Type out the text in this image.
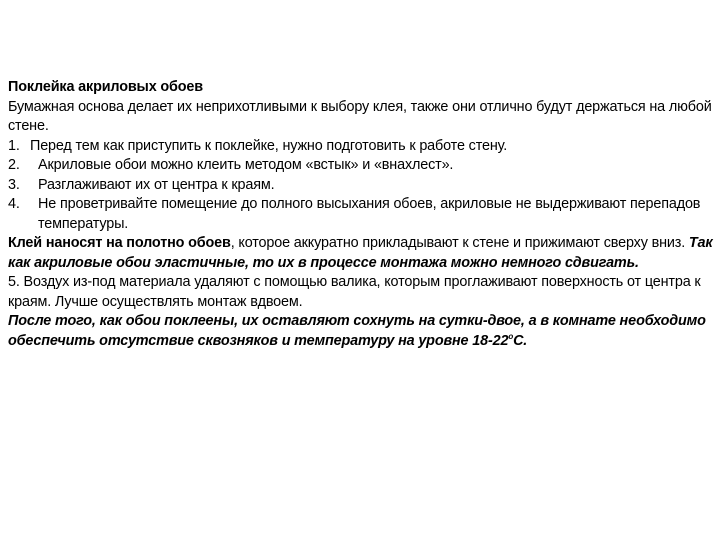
Поклейка акриловых обоев

Бумажная основа делает их неприхотливыми к выбору клея, также они отлично будут держаться на любой стене.

1. Перед тем как приступить к поклейке, нужно подготовить к работе стену.
2.	Акриловые обои можно клеить методом «встык» и «внахлест».
3.	Разглаживают их от центра к краям.
4.	Не проветривайте помещение до полного высыхания обоев, акриловые не выдерживают перепадов температуры.

Клей наносят на полотно обоев, которое аккуратно прикладывают к стене и прижимают сверху вниз. Так как акриловые обои эластичные, то их в процессе монтажа можно немного сдвигать.

5. Воздух из-под материала удаляют с помощью валика, которым проглаживают поверхность от центра к краям. Лучше осуществлять монтаж вдвоем.

После того, как обои поклеены, их оставляют сохнуть на сутки-двое, а в комнате необходимо обеспечить отсутствие сквозняков и температуру на уровне $18-22^оС$.
